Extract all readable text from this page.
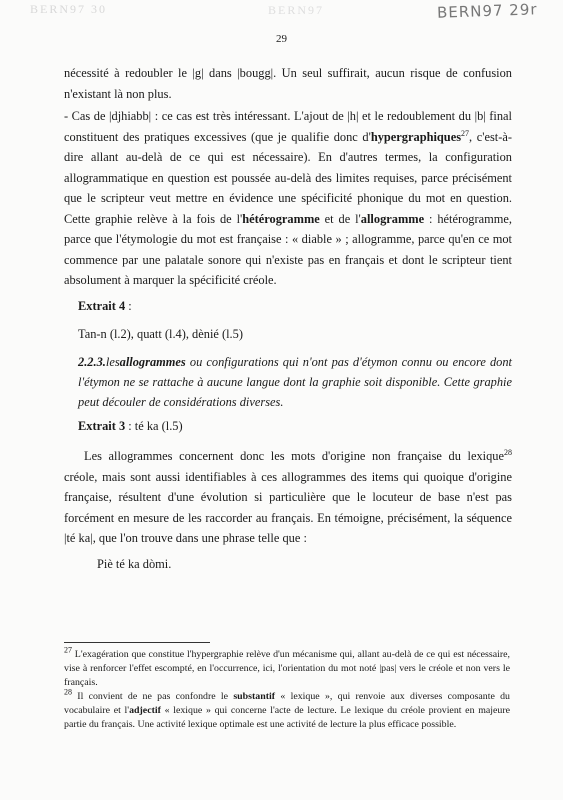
BERN97 30	BERN97	BERN97 29r
29

nécessité à redoubler le |g| dans |bougg|. Un seul suffirait, aucun risque de confusion n'existant là non plus.

- Cas de |djhiabb| : ce cas est très intéressant. L'ajout de |h| et le redoublement du |b| final constituent des pratiques excessives (que je qualifie donc d'hypergraphiques$^{27}$, c'est-à-dire allant au-delà de ce qui est nécessaire). En d'autres termes, la configuration allogrammatique en question est poussée au-delà des limites requises, parce précisément que le scripteur veut mettre en évidence une spécificité phonique du mot en question. Cette graphie relève à la fois de l'hétérogramme et de l'allogramme : hétérogramme, parce que l'étymologie du mot est française : « diable » ; allogramme, parce qu'en ce mot commence par une palatale sonore qui n'existe pas en français et dont le scripteur tient absolument à marquer la spécificité créole.

Extrait 4 :

Tan-n (l.2), quatt (l.4), dènié (l.5)

2.2.3.lesallogrammes ou configurations qui n'ont pas d'étymon connu ou encore dont l'étymon ne se rattache à aucune langue dont la graphie soit disponible. Cette graphie peut découler de considérations diverses.

Extrait 3 : té ka (l.5)

Les allogrammes concernent donc les mots d'origine non française du lexique$^{28}$ créole, mais sont aussi identifiables à ces allogrammes des items qui quoique d'origine française, résultent d'une évolution si particulière que le locuteur de base n'est pas forcément en mesure de les raccorder au français. En témoigne, précisément, la séquence |té ka|, que l'on trouve dans une phrase telle que :

Piè té ka dòmi.

$^{27}$ L'exagération que constitue l'hypergraphie relève d'un mécanisme qui, allant au-delà de ce qui est nécessaire, vise à renforcer l'effet escompté, en l'occurrence, ici, l'orientation du mot noté |pas| vers le créole et non vers le français.

$^{28}$ Il convient de ne pas confondre le substantif « lexique », qui renvoie aux diverses composante du vocabulaire et l'adjectif « lexique » qui concerne l'acte de lecture. Le lexique du créole provient en majeure partie du français. Une activité lexique optimale est une activité de lecture la plus efficace possible.
